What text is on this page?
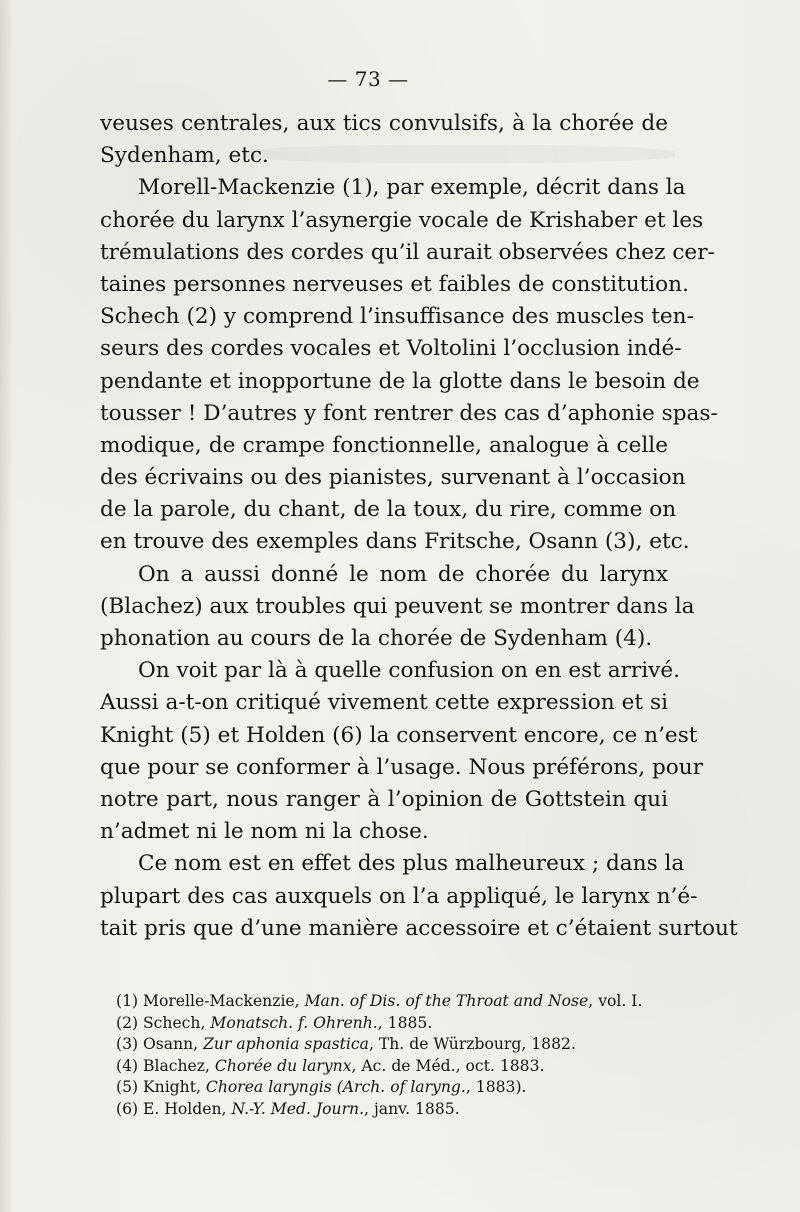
— 73 —
veuses centrales, aux tics convulsifs, à la chorée de
Sydenham, etc.
Morell-Mackenzie (1), par exemple, décrit dans la
chorée du larynx l’asynergie vocale de Krishaber et les
trémulations des cordes qu’il aurait observées chez cer-
taines personnes nerveuses et faibles de constitution.
Schech (2) y comprend l’insuffisance des muscles ten-
seurs des cordes vocales et Voltolini l’occlusion indé-
pendante et inopportune de la glotte dans le besoin de
tousser ! D’autres y font rentrer des cas d’aphonie spas-
modique, de crampe fonctionnelle, analogue à celle
des écrivains ou des pianistes, survenant à l’occasion
de la parole, du chant, de la toux, du rire, comme on
en trouve des exemples dans Fritsche, Osann (3), etc.
On a aussi donné le nom de chorée du larynx
(Blachez) aux troubles qui peuvent se montrer dans la
phonation au cours de la chorée de Sydenham (4).
On voit par là à quelle confusion on en est arrivé.
Aussi a-t-on critiqué vivement cette expression et si
Knight (5) et Holden (6) la conservent encore, ce n’est
que pour se conformer à l’usage. Nous préférons, pour
notre part, nous ranger à l’opinion de Gottstein qui
n’admet ni le nom ni la chose.
Ce nom est en effet des plus malheureux ; dans la
plupart des cas auxquels on l’a appliqué, le larynx n’é-
tait pris que d’une manière accessoire et c’étaient surtout
(1) Morelle-Mackenzie, Man. of Dis. of the Throat and Nose, vol. I.
(2) Schech, Monatsch. f. Ohrenh., 1885.
(3) Osann, Zur aphonia spastica, Th. de Würzbourg, 1882.
(4) Blachez, Chorée du larynx, Ac. de Méd., oct. 1883.
(5) Knight, Chorea laryngis (Arch. of laryng., 1883).
(6) E. Holden, N.-Y. Med. Journ., janv. 1885.
